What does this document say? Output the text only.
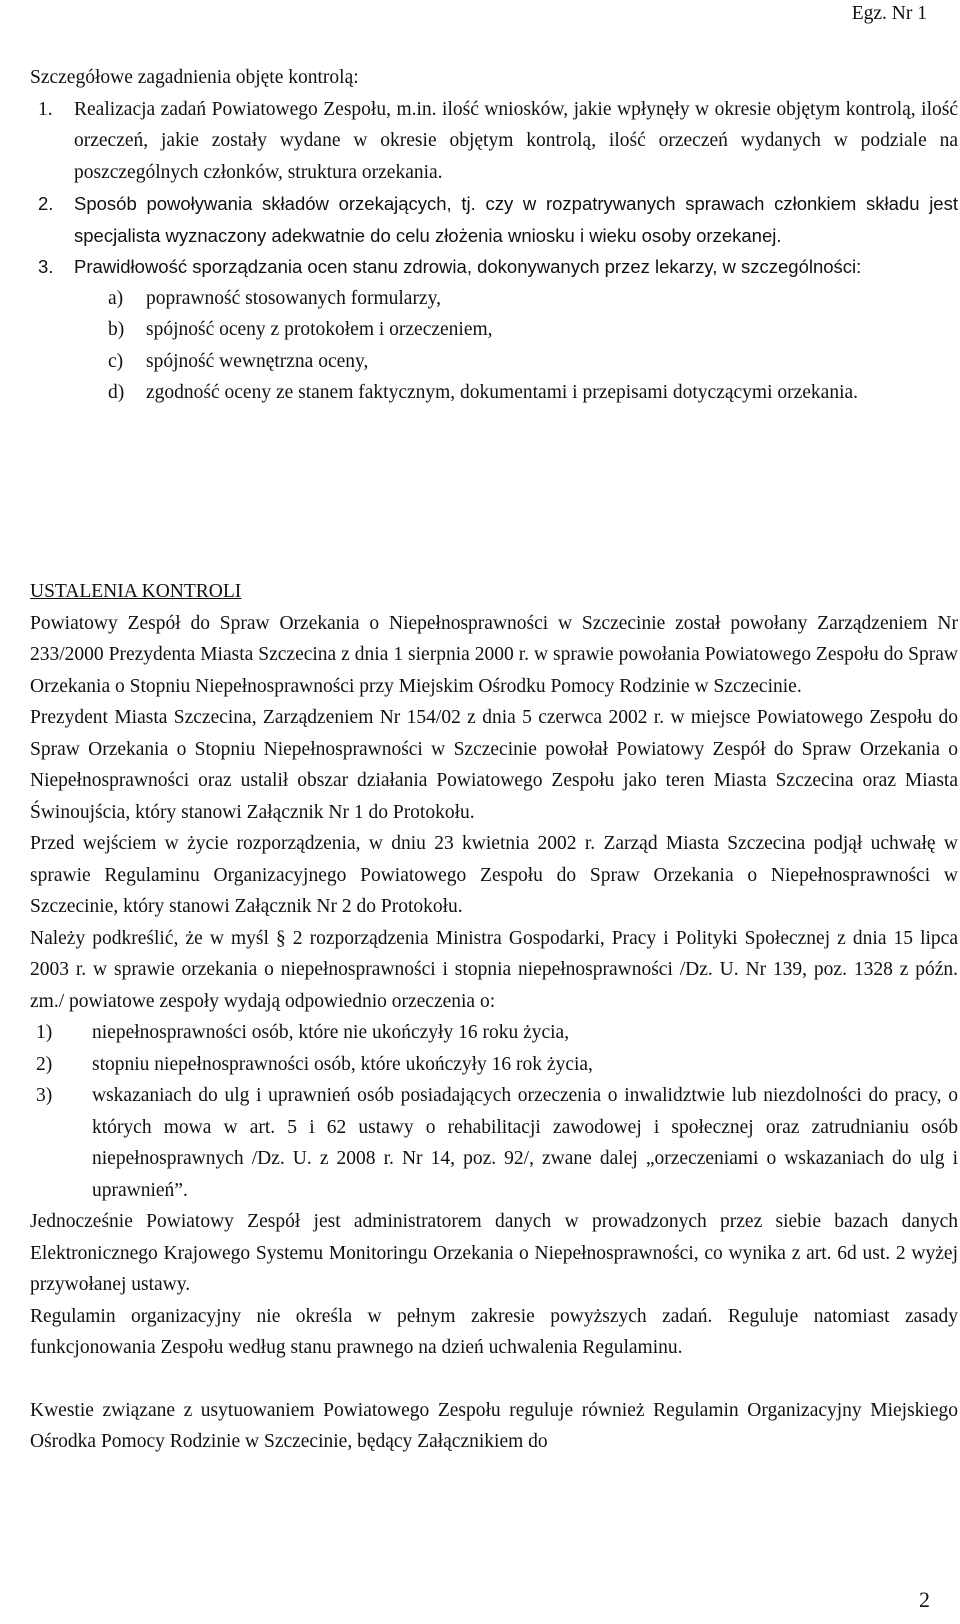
Egz. Nr 1

Szczegółowe zagadnienia objęte kontrolą:

1.	Realizacja zadań Powiatowego Zespołu, m.in. ilość wniosków, jakie wpłynęły w okresie objętym kontrolą, ilość orzeczeń, jakie zostały wydane w okresie objętym kontrolą, ilość orzeczeń wydanych w podziale na poszczególnych członków, struktura orzekania.
2.	Sposób powoływania składów orzekających, tj. czy w rozpatrywanych sprawach członkiem składu jest specjalista wyznaczony adekwatnie do celu złożenia wniosku i wieku osoby orzekanej.
3.	Prawidłowość sporządzania ocen stanu zdrowia, dokonywanych przez lekarzy, w szczególności:
a)	poprawność stosowanych formularzy,
b)	spójność oceny z protokołem i orzeczeniem,
c)	spójność wewnętrzna oceny,
d)	zgodność oceny ze stanem faktycznym, dokumentami i przepisami dotyczącymi orzekania.

USTALENIA KONTROLI

Powiatowy Zespół do Spraw Orzekania o Niepełnosprawności w Szczecinie został powołany Zarządzeniem Nr 233/2000 Prezydenta Miasta Szczecina z dnia 1 sierpnia 2000 r. w sprawie powołania Powiatowego Zespołu do Spraw Orzekania o Stopniu Niepełnosprawności przy Miejskim Ośrodku Pomocy Rodzinie w Szczecinie.

Prezydent Miasta Szczecina, Zarządzeniem Nr 154/02 z dnia 5 czerwca 2002 r. w miejsce Powiatowego Zespołu do Spraw Orzekania o Stopniu Niepełnosprawności w Szczecinie powołał Powiatowy Zespół do Spraw Orzekania o Niepełnosprawności oraz ustalił obszar działania Powiatowego Zespołu jako teren Miasta Szczecina oraz Miasta Świnoujścia, który stanowi Załącznik Nr 1 do Protokołu.

Przed wejściem w życie rozporządzenia, w dniu 23 kwietnia 2002 r. Zarząd Miasta Szczecina podjął uchwałę w sprawie Regulaminu Organizacyjnego Powiatowego Zespołu do Spraw Orzekania o Niepełnosprawności w Szczecinie, który stanowi Załącznik Nr 2 do Protokołu.

Należy podkreślić, że w myśl § 2 rozporządzenia Ministra Gospodarki, Pracy i Polityki Społecznej z dnia 15 lipca 2003 r. w sprawie orzekania o niepełnosprawności i stopnia niepełnosprawności /Dz. U. Nr 139, poz. 1328 z późn. zm./ powiatowe zespoły wydają odpowiednio orzeczenia o:

1)	niepełnosprawności osób, które nie ukończyły 16 roku życia,
2)	stopniu niepełnosprawności osób, które ukończyły 16 rok życia,
3)	wskazaniach do ulg i uprawnień osób posiadających orzeczenia o inwalidztwie lub niezdolności do pracy, o których mowa w art. 5 i 62 ustawy o rehabilitacji zawodowej i społecznej oraz zatrudnianiu osób niepełnosprawnych /Dz. U. z 2008 r. Nr 14, poz. 92/, zwane dalej „orzeczeniami o wskazaniach do ulg i uprawnień”.

Jednocześnie Powiatowy Zespół jest administratorem danych w prowadzonych przez siebie bazach danych Elektronicznego Krajowego Systemu Monitoringu Orzekania o Niepełnosprawności, co wynika z art. 6d ust. 2 wyżej przywołanej ustawy.

Regulamin organizacyjny nie określa w pełnym zakresie powyższych zadań. Reguluje natomiast zasady funkcjonowania Zespołu według stanu prawnego na dzień uchwalenia Regulaminu.

Kwestie związane z usytuowaniem Powiatowego Zespołu reguluje również Regulamin Organizacyjny Miejskiego Ośrodka Pomocy Rodzinie w Szczecinie, będący Załącznikiem do

2
